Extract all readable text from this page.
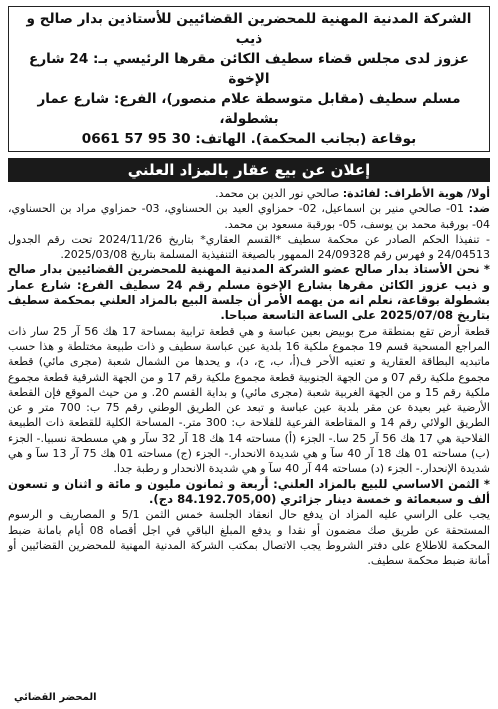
الشركة المدنية المهنية للمحضرين القضائيين للأستاذين بدار صالح و ذيب

عزوز لدى مجلس قضاء سطيف الكائن مقرها الرئيسي بـ: 24 شارع الإخوة

مسلم سطيف (مقابل متوسطة علام منصور)، الفرع: شارع عمار بشطولة،

بوقاعة (بجانب المحكمة). الهاتف: 30 95 57 0661

إعلان عن بيع عقار بالمزاد العلني

أولا/ هوية الأطراف: لفائدة: صالحي نور الدين بن محمد.

ضد: 01- صالحي منير بن اسماعيل، 02- حمزاوي العيد بن الحسناوي، 03- حمزاوي مراد بن الحسناوي، 04- بورقبة محمد بن يوسف، 05- بورقبة مسعود بن محمد.

- تنفيذا الحكم الصادر عن محكمة سطيف *القسم العقاري* بتاريخ 2024/11/26 تحت رقم الجدول 24/04513 و فهرس رقم 24/09328 الممهور بالصيغة التنفيذية المسلمة بتاريخ 2025/03/08.

* نحن الأستاذ بدار صالح عضو الشركة المدنية المهنية للمحضرين القضائيين بدار صالح و ذيب عزوز الكائن مقرها بشارع الإخوة مسلم رقم 24 سطيف الفرع: شارع عمار بشطولة بوقاعة، نعلم انه من يهمه الأمر أن جلسة البيع بالمزاد العلني بمحكمة سطيف بتاريخ 2025/07/08 على الساعة التاسعة صباحا.

قطعة أرض تقع بمنطقة مرج بوبيض بعين عباسة و هي قطعة ترابية بمساحة 17 هك 56 آر 25 سار ذات المراجع المسحية قسم 19 مجموع ملكية 16 بلدية عين عباسة سطيف و ذات طبيعة مختلطة و هذا حسب ماتبديه البطاقة العقارية و تعنيه الأحر ف(أ، ب، ج، د)، و يحدها من الشمال شعبة (مجرى مائي) قطعة مجموع ملكية رقم 07 و من الجهة الجنوبية قطعة مجموع ملكية رقم 17 و من الجهة الشرقية قطعة مجموع ملكية رقم 15 و من الجهة الغربية شعبة (مجرى مائي) و بداية القسم 20. و من حيث الموقع فإن القطعة الأرضية غير بعيدة عن مقر بلدية عين عباسة و تبعد عن الطريق الوطني رقم 75 ب: 700 متر و عن الطريق الولائي رقم 14 و المقاطعة الفرعية للفلاحة ب: 300 متر.- المساحة الكلية للقطعة ذات الطبيعة الفلاحية هي 17 هك 56 آر 25 سا.- الجزء (أ) مساحته 14 هك 18 آر 32 سآر و هي مسطحة نسبيا.- الجزء (ب) مساحته 01 هك 18 آر 40 سآ و هي شديدة الانحدار.- الجزء (ج) مساحته 01 هك 75 آر 13 سآ و هي شديدة الإنحدار.- الجزء (د) مساحته 44 آر 40 سآ و هي شديدة الانحدار و رطبة جدا.

* الثمن الاساسي للبيع بالمزاد العلني: أربعة و ثمانون مليون و مائة و اثنان و تسعون ألف و سبعمائة و خمسة دينار جزائري (84.192.705,00 دج).

يجب على الراسي عليه المزاد ان يدفع حال انعقاد الجلسة خمس الثمن 5/1 و المصاريف و الرسوم المستحقة عن طريق صك مضمون أو نقدا و يدفع المبلغ الباقي في اجل أقصاه 08 أيام بامانة ضبط المحكمة للاطلاع على دفتر الشروط يجب الاتصال بمكتب الشركة المدنية المهنية للمحضرين القضائيين أو أمانة ضبط محكمة سطيف.

المحضر القضائي
